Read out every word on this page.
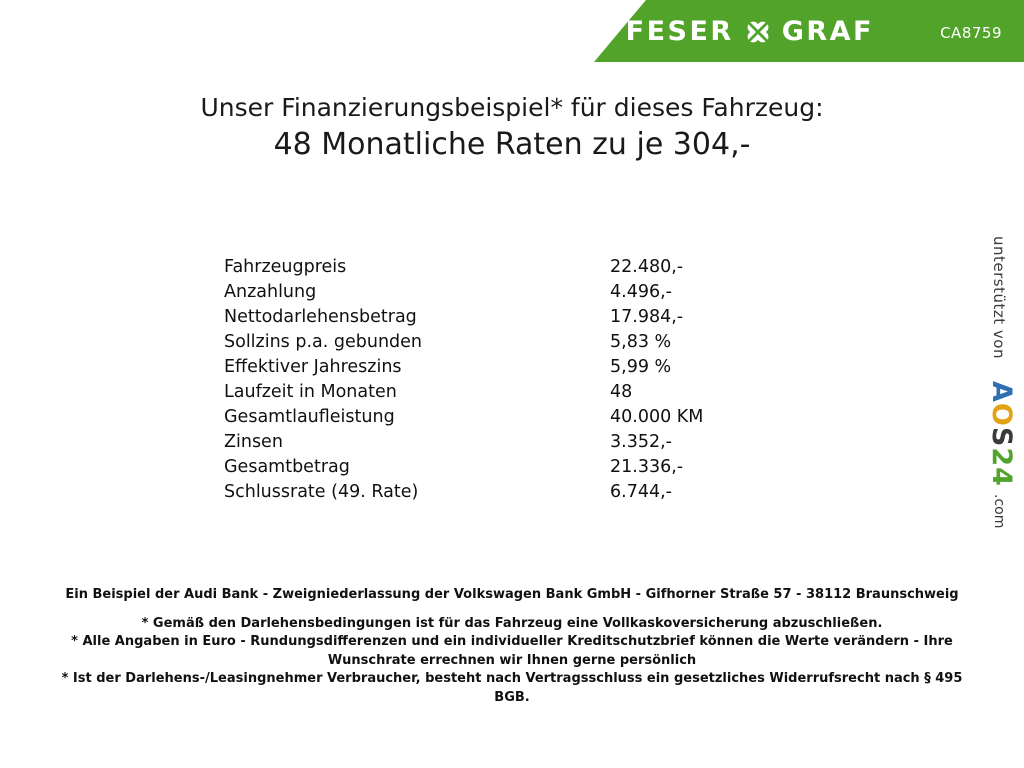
FESER GRAF	CA8759
Unser Finanzierungsbeispiel* für dieses Fahrzeug:
48 Monatliche Raten zu je 304,-
Fahrzeugpreis	22.480,-
Anzahlung	4.496,-
Nettodarlehensbetrag	17.984,-
Sollzins p.a. gebunden	5,83 %
Effektiver Jahreszins	5,99 %
Laufzeit in Monaten	48
Gesamtlaufleistung	40.000 KM
Zinsen	3.352,-
Gesamtbetrag	21.336,-
Schlussrate (49. Rate)	6.744,-
unterstützt von
AOS24
.com
Ein Beispiel der Audi Bank - Zweigniederlassung der Volkswagen Bank GmbH - Gifhorner Straße 57 - 38112 Braunschweig
* Gemäß den Darlehensbedingungen ist für das Fahrzeug eine Vollkaskoversicherung abzuschließen.
* Alle Angaben in Euro - Rundungsdifferenzen und ein individueller Kreditschutzbrief können die Werte verändern - Ihre Wunschrate errechnen wir Ihnen gerne persönlich
* Ist der Darlehens-/Leasingnehmer Verbraucher, besteht nach Vertragsschluss ein gesetzliches Widerrufsrecht nach § 495 BGB.
